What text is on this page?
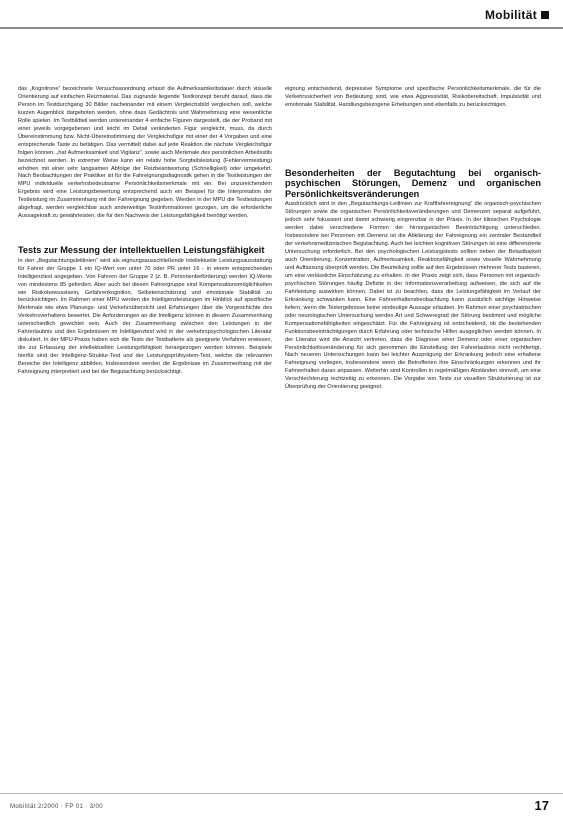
Mobilität

das „Kognitrone“ bezeichnete Versuchsanordnung erfasst die Aufmerksamkeitsdauer durch visuelle Orientierung auf einfachen Reizmaterial. Das zugrunde liegende Testkonzept beruht darauf, dass die Person im Testdurchgang 30 Bilder nacheinander mit einem Vergleichsbild vergleichen soll, welche kurzen Augenblick dargeboten werden, ohne dass Gedächtnis und Wahrnehmung eine wesentliche Rolle spielen. Im Testbildteil werden untereinander 4 einfache Figuren dargestellt, die der Proband mit einer jeweils vorgegebenen und leicht im Detail veränderten Figur vergleicht, muss, da durch Übereinstimmung bzw. Nicht-Übereinstimmung der Vergleichsfigur mit einer der 4 Vorgaben und eine entsprechende Taste zu betätigen. Das vermittelt dabei auf jede Reaktion die nächste Vergleichsfigur folgen können, „hat Aufmerksamkeit und Vigilanz“, sowie auch Merkmale des persönlichen Arbeitsstils bezeichnet werden. In extremer Weise kann ein relativ hohe Sorgfaltsleistung (Fehlervermeidung) erhöhen mit einer sehr langsamen Abfolge der Reizbeantwortung (Schnelligkeit) oder umgekehrt. Nach Beobachtungen der Praktiker ist für die Fahreignungsdiagnostik gehen in die Testleistungen der MPU individuelle verkehrsbedeutsame Persönlichkeitsmerkmale mit ein. Bei unzureichendem Ergebnis wird eine Leistungsbewertung entsprechend auch ein Beispiel für die Interpretation der Testleistung im Zusammenhang mit der Fahreignung gegeben. Werden in der MPU die Testleistungen abgefragt, werden vergleichbar auch anderweitige Testinformationen gezogen, um die erforderliche Aussagekraft zu gewährleisten, die für den Nachweis der Leistungsfähigkeit benötigt werden.

Tests zur Messung der intellektuellen Leistungsfähigkeit

In den „Begutachtungsleitlinien“ wird als eignungsausschließende intellektuelle Leistungsausstattung für Fahrer der Gruppe 1 ein IQ-Wert von unter 70 oder PR unter 16 - in einem entsprechenden Intelligenztest angegeben. Von Fahrern der Gruppe 2 (z. B. Personenbeförderung) werden IQ-Werte von mindestens 85 gefordert. Aber auch bei diesen Fahrergruppe sind Kompensationsmöglichkeiten wie Risikobewusstsein, Gefahrenkognition, Selbsteinschätzung und emotionale Stabilität zu berücksichtigen. Im Rahmen einer MPU werden die Intelligenzleistungen im Hinblick auf spezifische Merkmale wie etwa Planungs- und Verkehrsübersicht und Erfahrungen über die Vorgeschichte des Verkehrsverhaltens bewertet. Die Anforderungen an die Intelligenz können in diesem Zusammenhang unterschiedlich gewichtet sein. Auch der Zusammenhang zwischen den Leistungen in der Fahrerlaubnis und den Ergebnissen im Intelligenztest wird in der verkehrspsychologischen Literatur diskutiert. In der MPU-Praxis haben sich die Tests der Testbatterie als geeignete Verfahren erwiesen, die zur Erfassung der intellektuellen Leistungsfähigkeit herangezogen werden können. Beispiele hierfür sind der Intelligenz-Struktur-Test und der Leistungsprüfsystem-Test, welche die relevanten Bereiche der Intelligenz abbilden. Insbesondere werden die Ergebnisse im Zusammenhang mit der Fahreignung interpretiert und bei der Begutachtung berücksichtigt.

eignung entscheidend, depressive Symptome und spezifische Persönlichkeitsmerkmale, die für die Verkehrssicherheit von Bedeutung sind, wie etwa Aggressivität, Risikobereitschaft, Impulsivität und emotionale Stabilität. Handlungsbezogene Erhebungen sind ebenfalls zu berücksichtigen.

Besonderheiten der Begutachtung bei organisch-psychischen Störungen, Demenz und organischen Persönlichkeitsveränderungen

Ausdrücklich wird in den „Begutachtungs-Leitlinien zur Kraftfahrereignung“ die organisch-psychischen Störungen sowie die organischen Persönlichkeitsveränderungen und Demenzen separat aufgeführt, jedoch sehr fokussiert und damit schwierig eingrenzbar in der Praxis. In der klinischen Psychologie werden dabei verschiedene Formen der hirnorganischen Beeinträchtigung unterschieden. Insbesondere bei Personen mit Demenz ist die Abklärung der Fahreignung ein zentraler Bestandteil der verkehrsmedizinischen Begutachtung. Auch bei leichten kognitiven Störungen ist eine differenzierte Untersuchung erforderlich. Bei den psychologischen Leistungstests sollten neben der Belastbarkeit auch Orientierung, Konzentration, Aufmerksamkeit, Reaktionsfähigkeit sowie visuelle Wahrnehmung und Auffassung überprüft werden. Die Beurteilung sollte auf den Ergebnissen mehrerer Tests basieren, um eine verlässliche Einschätzung zu erhalten. In der Praxis zeigt sich, dass Personen mit organisch-psychischen Störungen häufig Defizite in der Informationsverarbeitung aufweisen, die sich auf die Fahrleistung auswirken können. Dabei ist zu beachten, dass die Leistungsfähigkeit im Verlauf der Erkrankung schwanken kann. Eine Fahrverhaltensbeobachtung kann zusätzlich wichtige Hinweise liefern, wenn die Testergebnisse keine eindeutige Aussage erlauben. Im Rahmen einer psychiatrischen oder neurologischen Untersuchung werden Art und Schweregrad der Störung bestimmt und mögliche Kompensationsfähigkeiten eingeschätzt. Für die Fahreignung ist entscheidend, ob die bestehenden Funktionsbeeinträchtigungen durch Erfahrung oder technische Hilfen ausgeglichen werden können. In der Literatur wird die Ansicht vertreten, dass die Diagnose einer Demenz oder einer organischen Persönlichkeitsveränderung für sich genommen die Einstellung der Fahrerlaubnis nicht rechtfertigt. Nach neueren Untersuchungen kann bei leichter Ausprägung der Erkrankung jedoch eine erhaltene Fahreignung vorliegen, insbesondere wenn die Betroffenen ihre Einschränkungen erkennen und ihr Fahrverhalten daran anpassen. Weiterhin sind Kontrollen in regelmäßigen Abständen sinnvoll, um eine Verschlechterung rechtzeitig zu erkennen. Die Vorgabe von Tests zur visuellen Strukturierung ist zur Überprüfung der Orientierung geeignet.

Mobilität 2/2000 · FP 01 · 3/00	17
